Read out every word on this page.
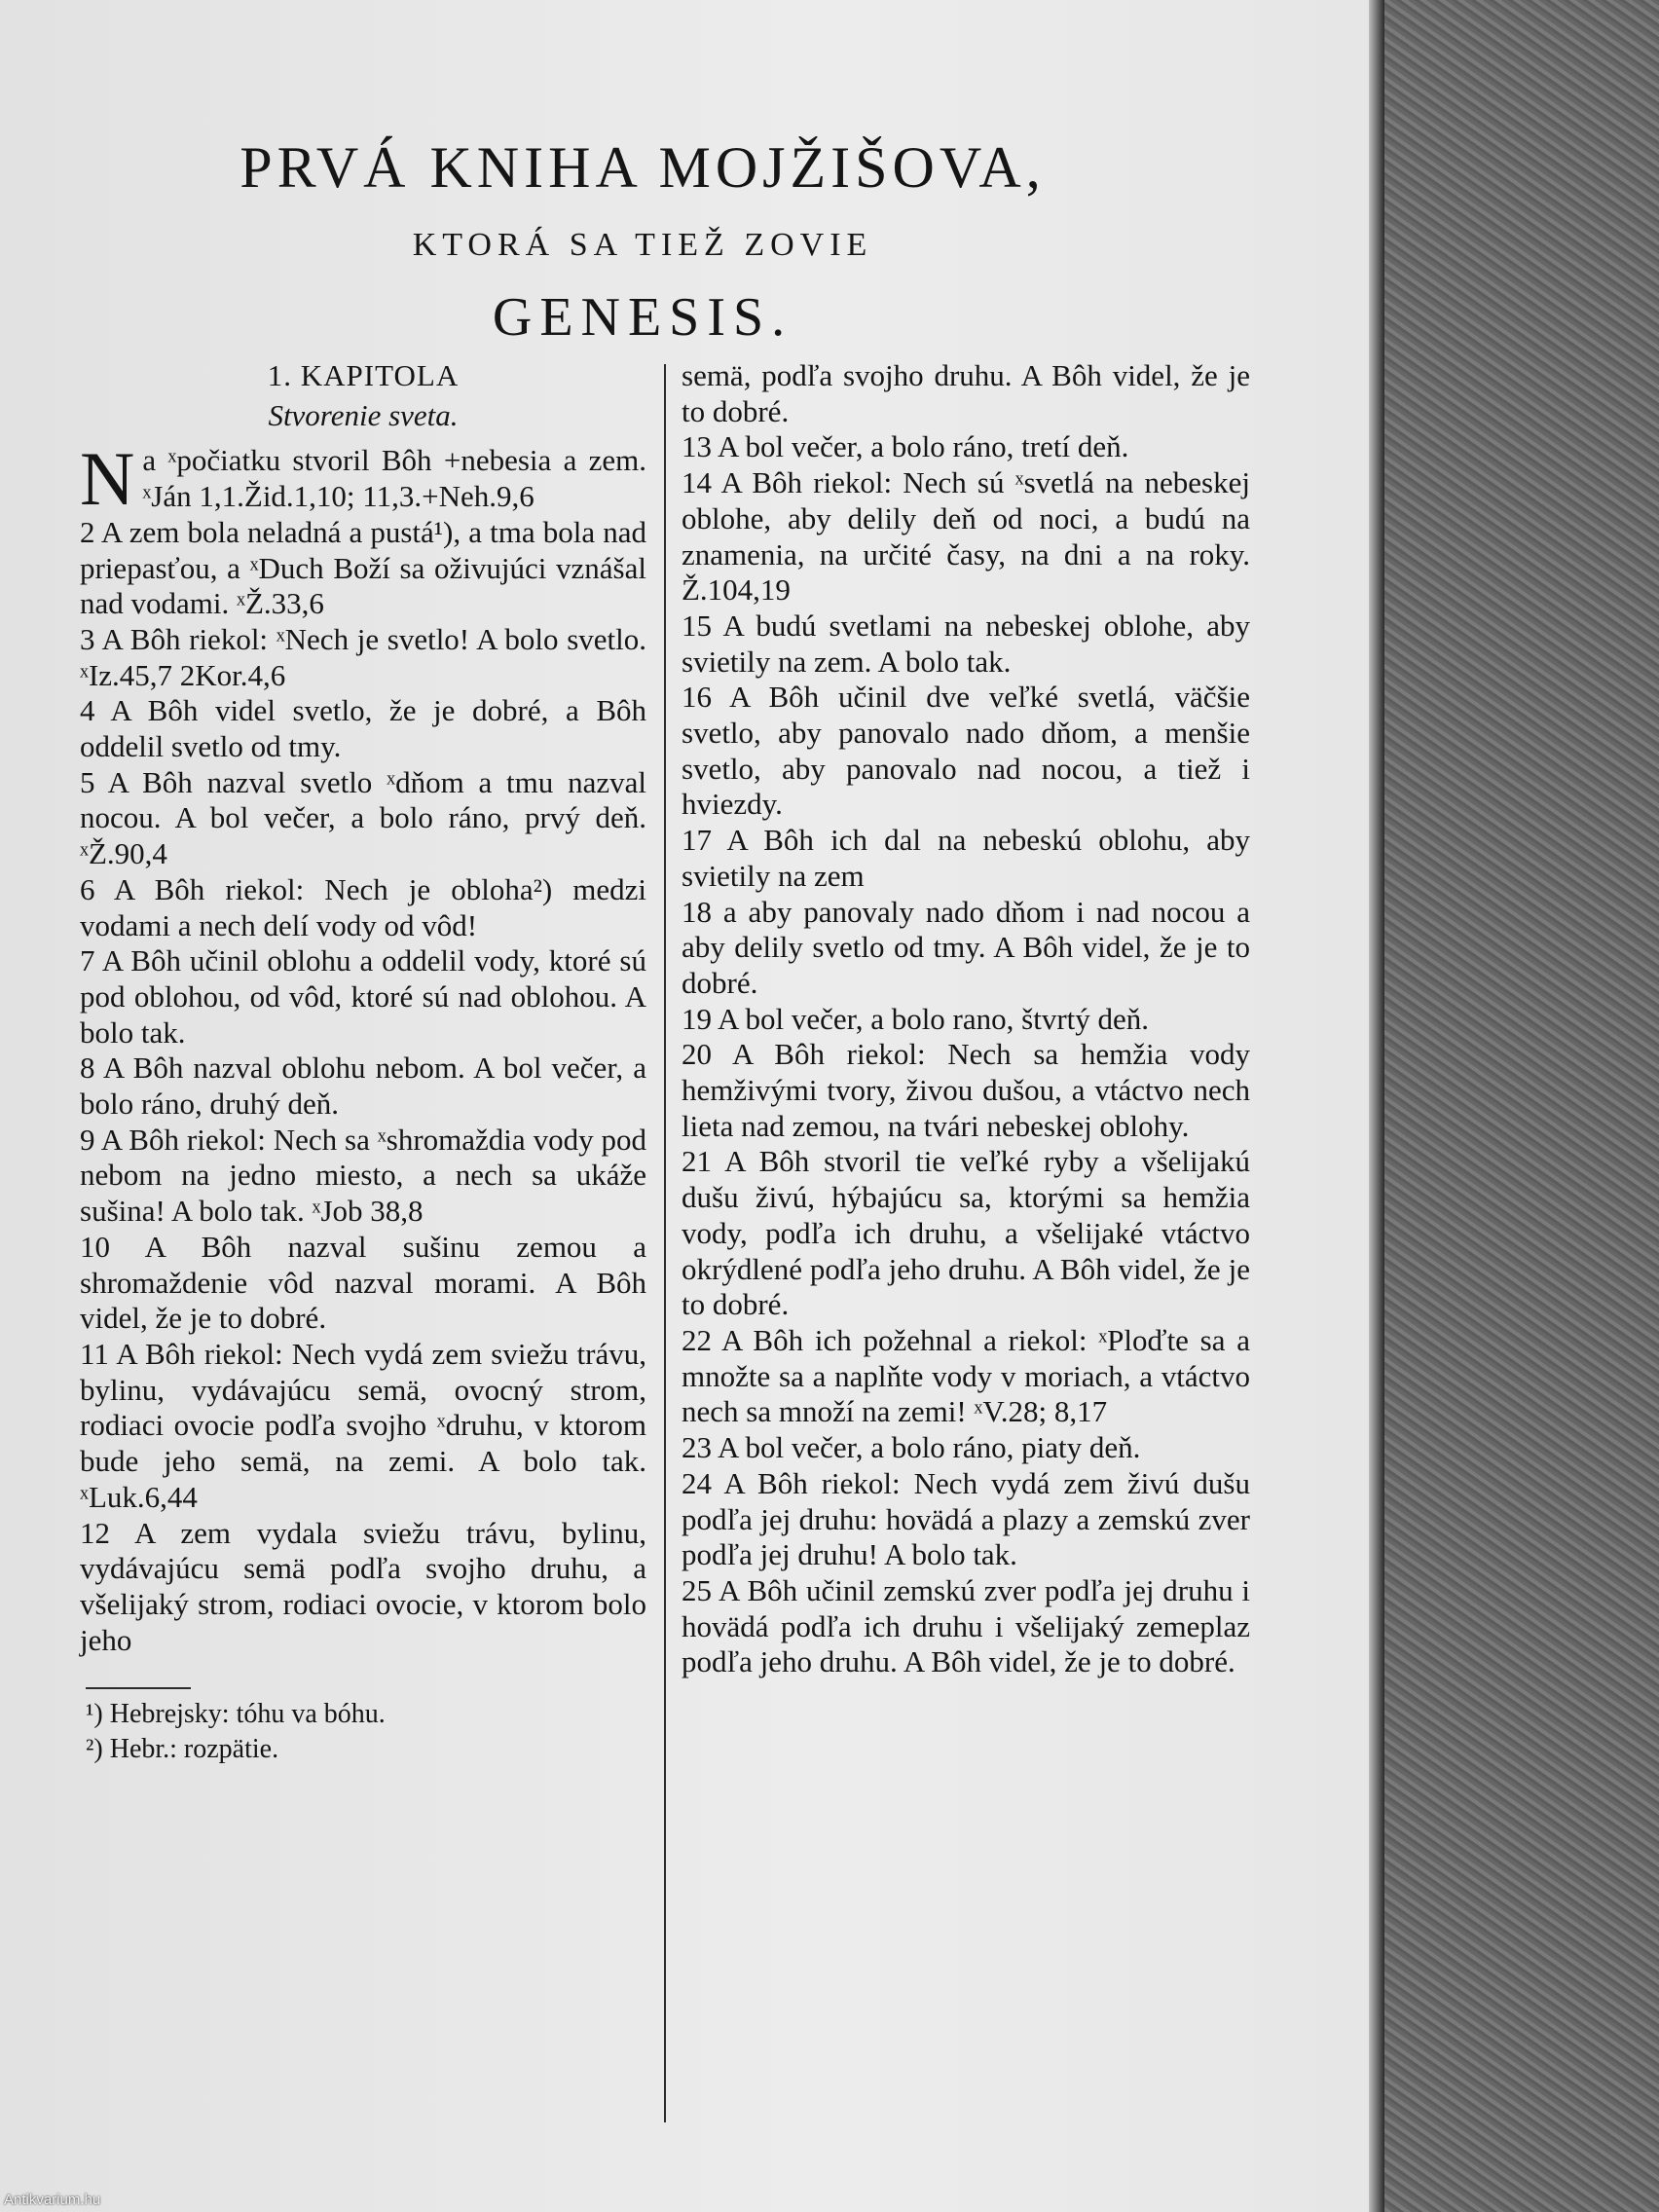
PRVÁ KNIHA MOJŽIŠOVA,
KTORÁ SA TIEŽ ZOVIE
GENESIS.
1. KAPITOLA
Stvorenie sveta.
N a ˣpočiatku stvoril Bôh +nebesia a zem. ˣJán 1,1.Žid.1,10; 11,3.+Neh.9,6
2 A zem bola neladná a pustá¹), a tma bola nad priepasťou, a ˣDuch Boží sa oživujúci vznášal nad vodami. ˣŽ.33,6
3 A Bôh riekol: ˣNech je svetlo! A bolo svetlo. ˣIz.45,7 2Kor.4,6
4 A Bôh videl svetlo, že je dobré, a Bôh oddelil svetlo od tmy.
5 A Bôh nazval svetlo ˣdňom a tmu nazval nocou. A bol večer, a bolo ráno, prvý deň. ˣŽ.90,4
6 A Bôh riekol: Nech je obloha²) medzi vodami a nech delí vody od vôd!
7 A Bôh učinil oblohu a oddelil vody, ktoré sú pod oblohou, od vôd, ktoré sú nad oblohou. A bolo tak.
8 A Bôh nazval oblohu nebom. A bol večer, a bolo ráno, druhý deň.
9 A Bôh riekol: Nech sa ˣshromaždia vody pod nebom na jedno miesto, a nech sa ukáže sušina! A bolo tak. ˣJob 38,8
10 A Bôh nazval sušinu zemou a shromaždenie vôd nazval morami. A Bôh videl, že je to dobré.
11 A Bôh riekol: Nech vydá zem sviežu trávu, bylinu, vydávajúcu semä, ovocný strom, rodiaci ovocie podľa svojho ˣdruhu, v ktorom bude jeho semä, na zemi. A bolo tak. ˣLuk.6,44
12 A zem vydala sviežu trávu, bylinu, vydávajúcu semä podľa svojho druhu, a všelijaký strom, rodiaci ovocie, v ktorom bolo jeho
¹) Hebrejsky: tóhu va bóhu.
²) Hebr.: rozpätie.
semä, podľa svojho druhu. A Bôh videl, že je to dobré.
13 A bol večer, a bolo ráno, tretí deň.
14 A Bôh riekol: Nech sú ˣsvetlá na nebeskej oblohe, aby delily deň od noci, a budú na znamenia, na určité časy, na dni a na roky. Ž.104,19
15 A budú svetlami na nebeskej oblohe, aby svietily na zem. A bolo tak.
16 A Bôh učinil dve veľké svetlá, väčšie svetlo, aby panovalo nado dňom, a menšie svetlo, aby panovalo nad nocou, a tiež i hviezdy.
17 A Bôh ich dal na nebeskú oblohu, aby svietily na zem
18 a aby panovaly nado dňom i nad nocou a aby delily svetlo od tmy. A Bôh videl, že je to dobré.
19 A bol večer, a bolo rano, štvrtý deň.
20 A Bôh riekol: Nech sa hemžia vody hemživými tvory, živou dušou, a vtáctvo nech lieta nad zemou, na tvári nebeskej oblohy.
21 A Bôh stvoril tie veľké ryby a všelijakú dušu živú, hýbajúcu sa, ktorými sa hemžia vody, podľa ich druhu, a všelijaké vtáctvo okrýdlené podľa jeho druhu. A Bôh videl, že je to dobré.
22 A Bôh ich požehnal a riekol: ˣPloďte sa a množte sa a naplňte vody v moriach, a vtáctvo nech sa množí na zemi! ˣV.28; 8,17
23 A bol večer, a bolo ráno, piaty deň.
24 A Bôh riekol: Nech vydá zem živú dušu podľa jej druhu: hovädá a plazy a zemskú zver podľa jej druhu! A bolo tak.
25 A Bôh učinil zemskú zver podľa jej druhu i hovädá podľa ich druhu i všelijaký zemeplaz podľa jeho druhu. A Bôh videl, že je to dobré.
Antikvarium.hu
